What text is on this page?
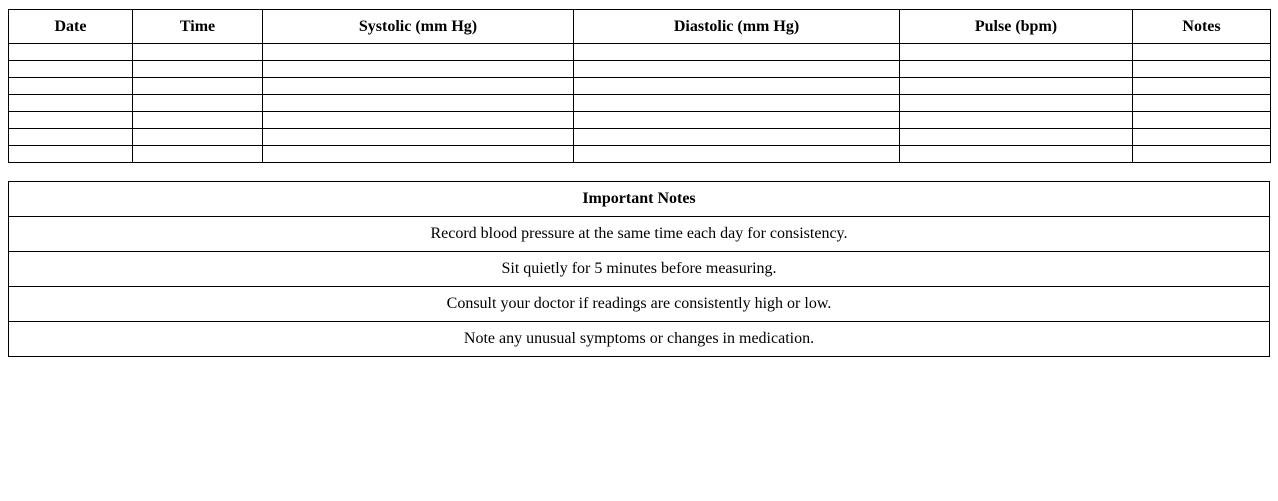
Date	Time	Systolic (mm Hg)	Diastolic (mm Hg)	Pulse (bpm)	Notes

Important Notes
Record blood pressure at the same time each day for consistency.
Sit quietly for 5 minutes before measuring.
Consult your doctor if readings are consistently high or low.
Note any unusual symptoms or changes in medication.
